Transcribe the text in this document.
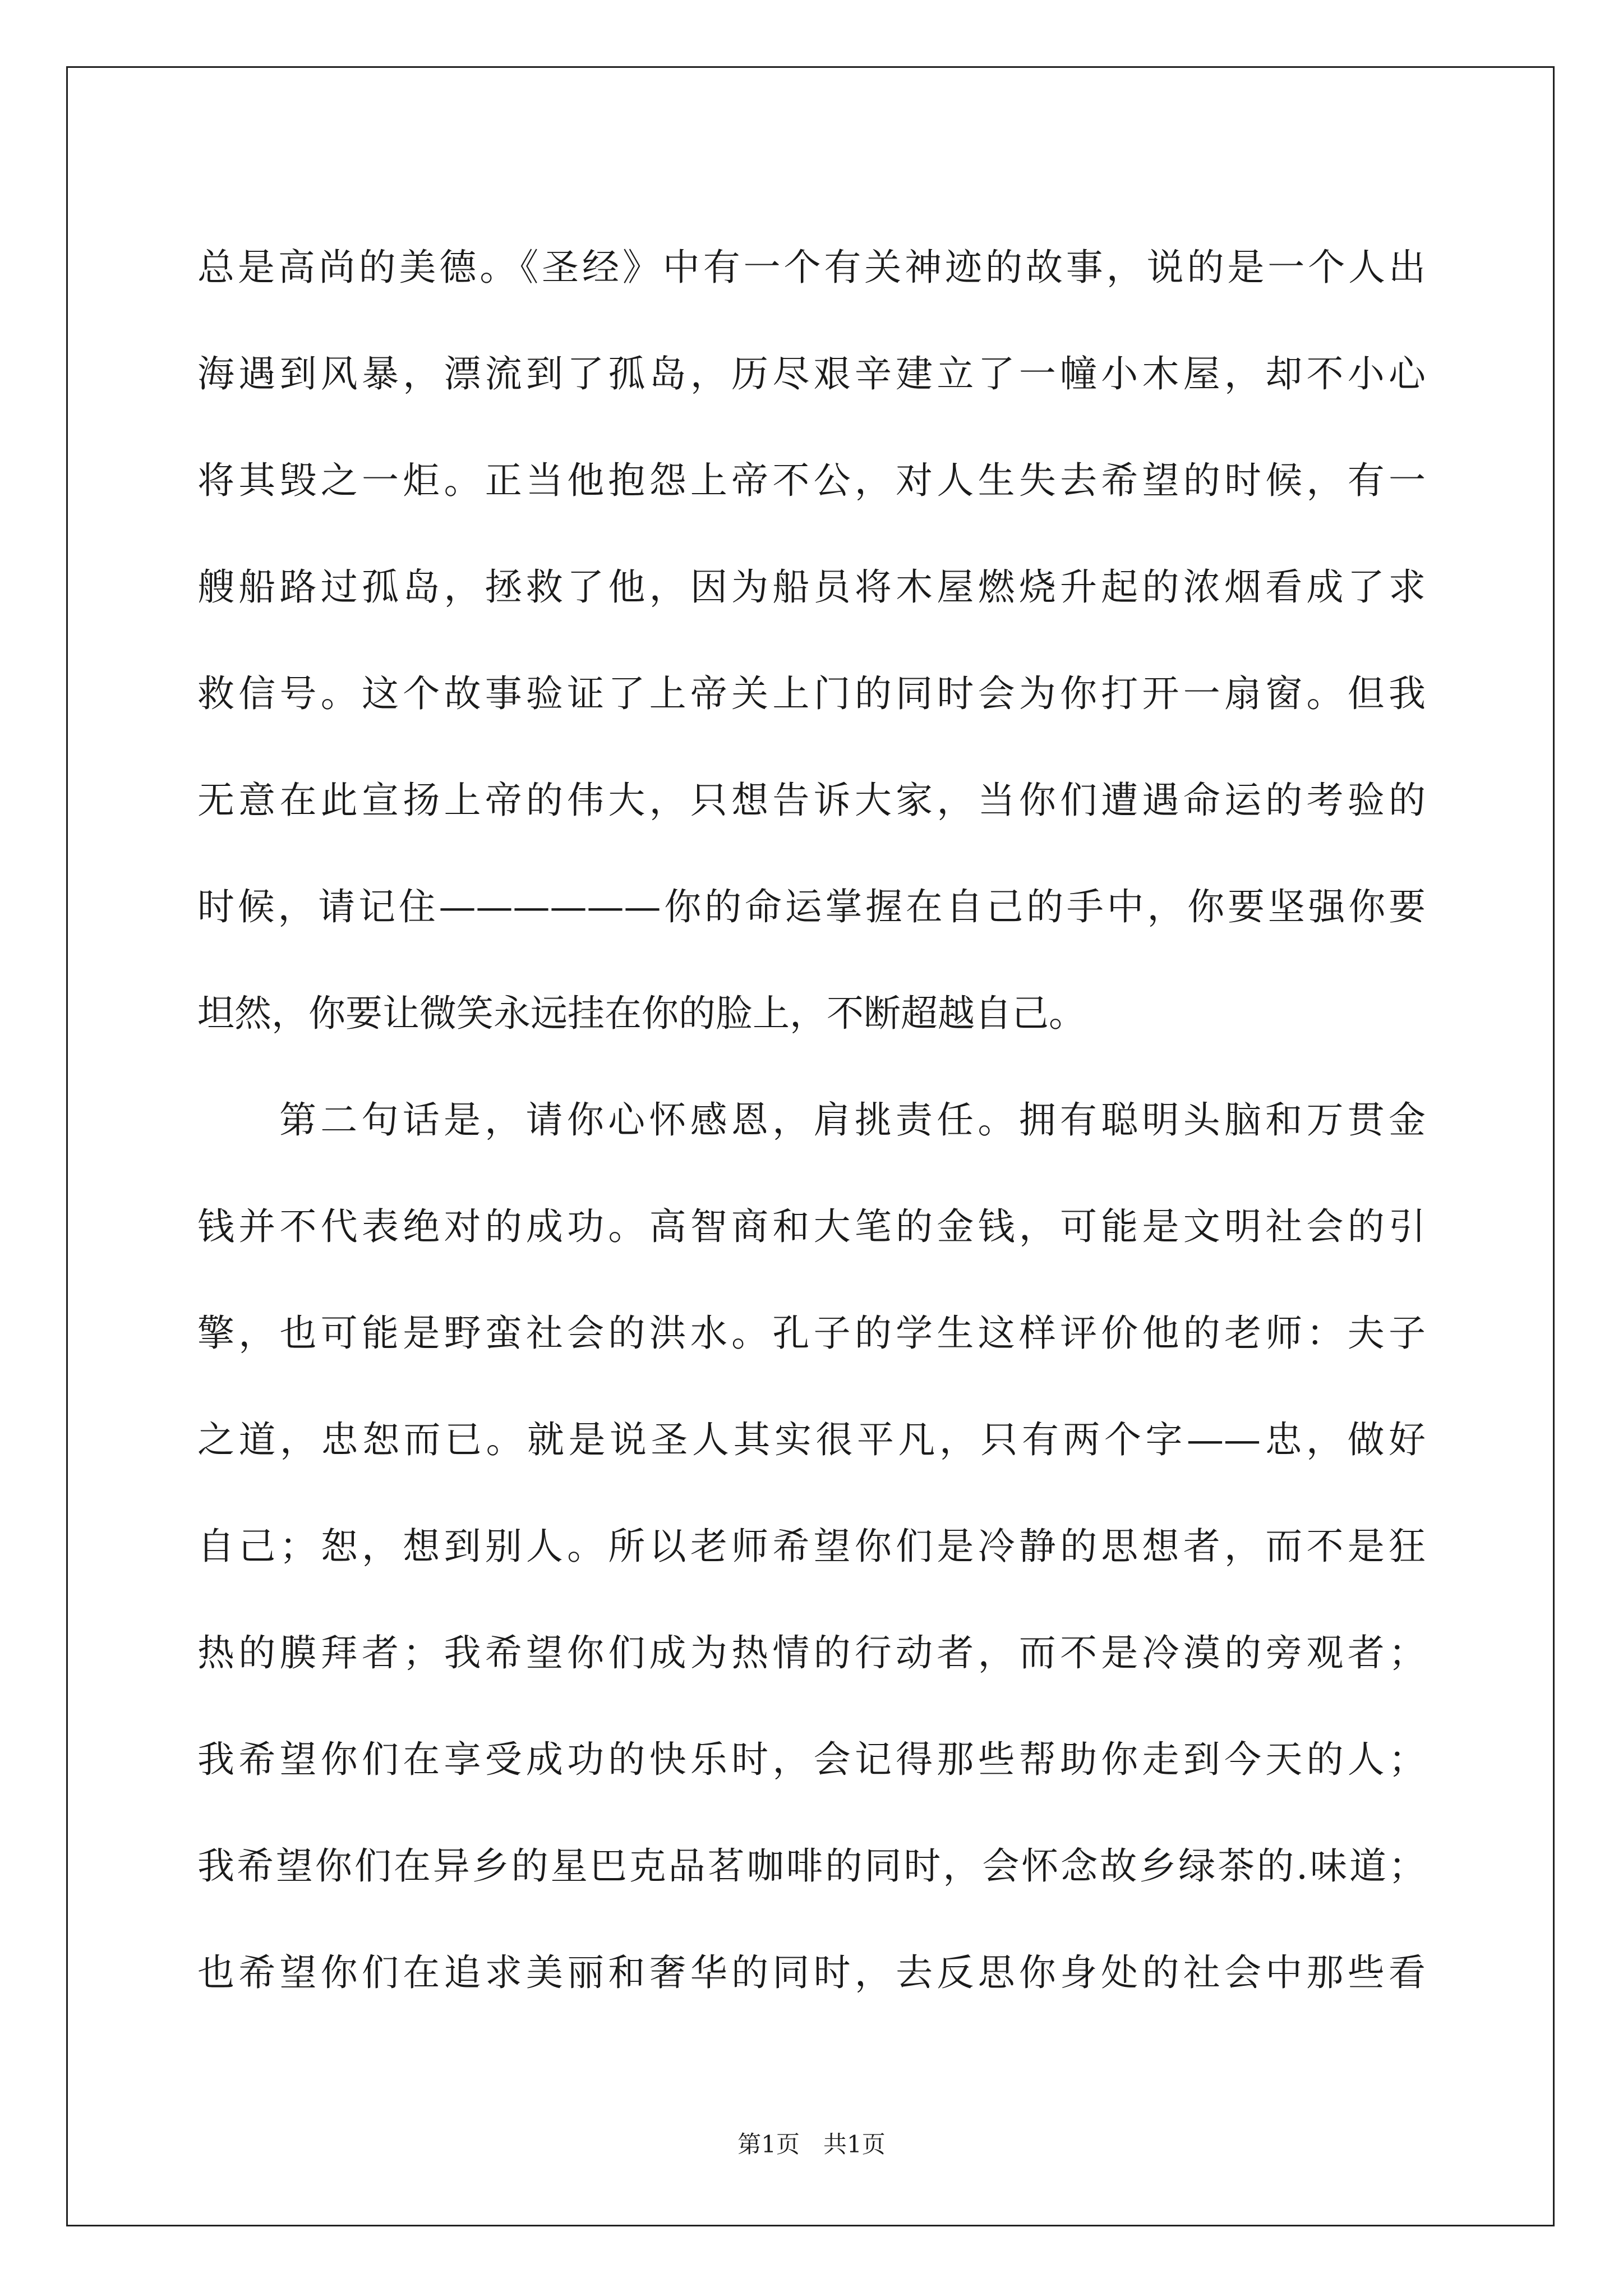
总是高尚的美德。《圣经》中有一个有关神迹的故事，说的是一个人出
海遇到风暴，漂流到了孤岛，历尽艰辛建立了一幢小木屋，却不小心
将其毁之一炬。正当他抱怨上帝不公，对人生失去希望的时候，有一
艘船路过孤岛，拯救了他，因为船员将木屋燃烧升起的浓烟看成了求
救信号。这个故事验证了上帝关上门的同时会为你打开一扇窗。但我
无意在此宣扬上帝的伟大，只想告诉大家，当你们遭遇命运的考验的
时候，请记住——————你的命运掌握在自己的手中，你要坚强你要
坦然，你要让微笑永远挂在你的脸上，不断超越自己。
第二句话是，请你心怀感恩，肩挑责任。拥有聪明头脑和万贯金
钱并不代表绝对的成功。高智商和大笔的金钱，可能是文明社会的引
擎，也可能是野蛮社会的洪水。孔子的学生这样评价他的老师：夫子
之道，忠恕而已。就是说圣人其实很平凡，只有两个字——忠，做好
自己；恕，想到别人。所以老师希望你们是冷静的思想者，而不是狂
热的膜拜者；我希望你们成为热情的行动者，而不是冷漠的旁观者；
我希望你们在享受成功的快乐时，会记得那些帮助你走到今天的人；
我希望你们在异乡的星巴克品茗咖啡的同时，会怀念故乡绿茶的.味道；
也希望你们在追求美丽和奢华的同时，去反思你身处的社会中那些看
第1页　共1页
